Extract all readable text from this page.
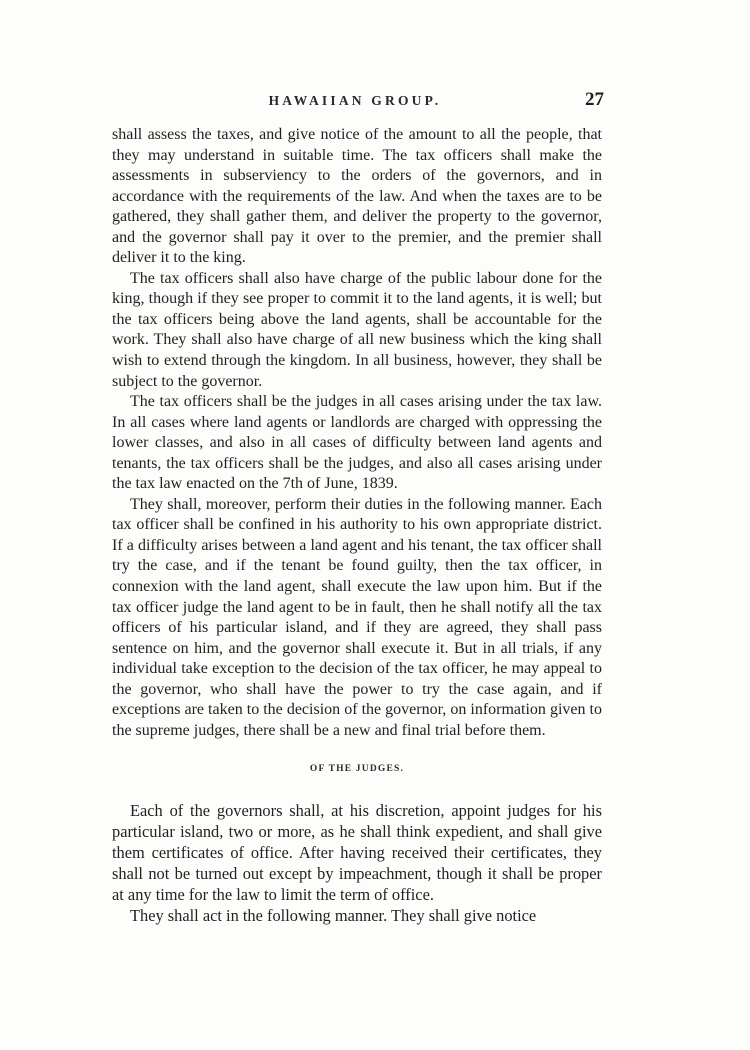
HAWAIIAN GROUP.	27

shall assess the taxes, and give notice of the amount to all the people, that they may understand in suitable time. The tax officers shall make the assessments in subserviency to the orders of the governors, and in accordance with the requirements of the law. And when the taxes are to be gathered, they shall gather them, and deliver the property to the governor, and the governor shall pay it over to the premier, and the premier shall deliver it to the king.

The tax officers shall also have charge of the public labour done for the king, though if they see proper to commit it to the land agents, it is well; but the tax officers being above the land agents, shall be accountable for the work. They shall also have charge of all new business which the king shall wish to extend through the kingdom. In all business, however, they shall be subject to the governor.

The tax officers shall be the judges in all cases arising under the tax law. In all cases where land agents or landlords are charged with oppressing the lower classes, and also in all cases of difficulty between land agents and tenants, the tax officers shall be the judges, and also all cases arising under the tax law enacted on the 7th of June, 1839.

They shall, moreover, perform their duties in the following manner. Each tax officer shall be confined in his authority to his own appropriate district. If a difficulty arises between a land agent and his tenant, the tax officer shall try the case, and if the tenant be found guilty, then the tax officer, in connexion with the land agent, shall execute the law upon him. But if the tax officer judge the land agent to be in fault, then he shall notify all the tax officers of his particular island, and if they are agreed, they shall pass sentence on him, and the governor shall execute it. But in all trials, if any individual take exception to the decision of the tax officer, he may appeal to the governor, who shall have the power to try the case again, and if exceptions are taken to the decision of the governor, on information given to the supreme judges, there shall be a new and final trial before them.

OF THE JUDGES.

Each of the governors shall, at his discretion, appoint judges for his particular island, two or more, as he shall think expedient, and shall give them certificates of office. After having received their certificates, they shall not be turned out except by impeachment, though it shall be proper at any time for the law to limit the term of office.

They shall act in the following manner. They shall give notice
